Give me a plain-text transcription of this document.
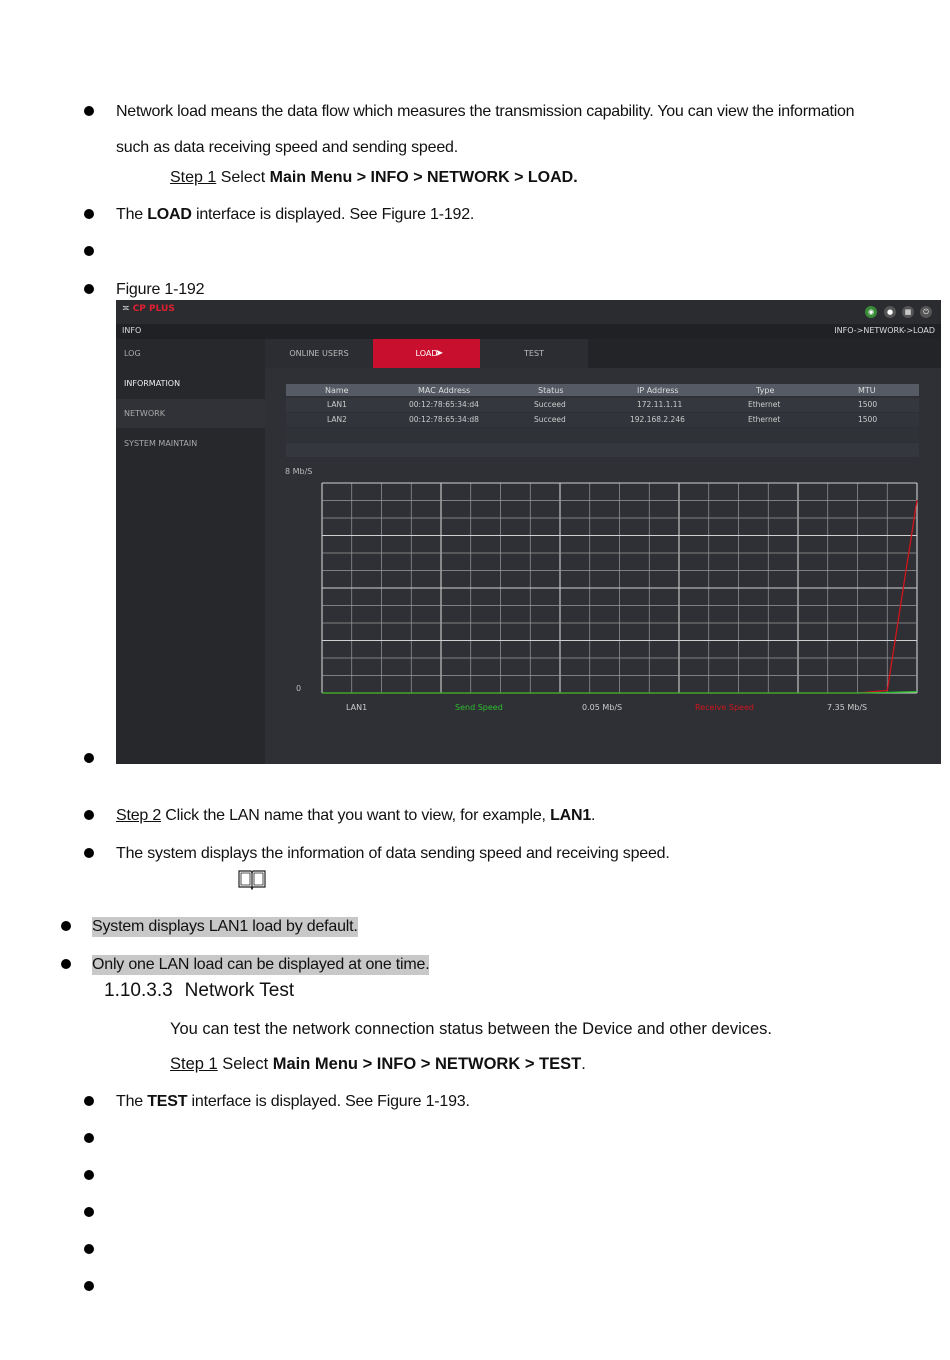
Network load means the data flow which measures the transmission capability. You can view the information
such as data receiving speed and sending speed.
Step 1 Select Main Menu > INFO > NETWORK > LOAD.
The LOAD interface is displayed. See Figure 1-192.
Figure 1-192
≍ CP PLUS	◉	●	▦	⏻
INFO	INFO->NETWORK->LOAD
LOG
INFORMATION
NETWORK
SYSTEM MAINTAIN
ONLINE USERS	LOAD	TEST
➤
Name	MAC Address	Status	IP Address	Type	MTU
LAN1	00:12:78:65:34:d4	Succeed	172.11.1.11	Ethernet	1500
LAN2	00:12:78:65:34:d8	Succeed	192.168.2.246	Ethernet	1500
8 Mb/S
0
LAN1	Send Speed	0.05 Mb/S	Receive Speed	7.35 Mb/S
Step 2 Click the LAN name that you want to view, for example, LAN1.
The system displays the information of data sending speed and receiving speed.
System displays LAN1 load by default.
Only one LAN load can be displayed at one time.
1.10.3.3 Network Test
You can test the network connection status between the Device and other devices.
Step 1 Select Main Menu > INFO > NETWORK > TEST.
The TEST interface is displayed. See Figure 1-193.
